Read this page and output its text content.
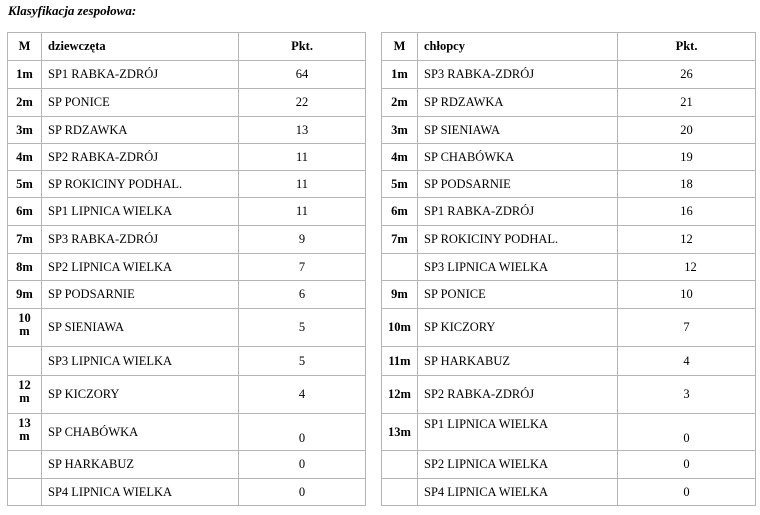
Klasyfikacja zespołowa:
M	dziewczęta	Pkt.
1m	SP1 RABKA-ZDRÓJ	64
2m	SP PONICE	22
3m	SP RDZAWKA	13
4m	SP2 RABKA-ZDRÓJ	11
5m	SP ROKICINY PODHAL.	11
6m	SP1 LIPNICA WIELKA	11
7m	SP3 RABKA-ZDRÓJ	9
8m	SP2 LIPNICA WIELKA	7
9m	SP PODSARNIE	6
10 m	SP SIENIAWA	5
	SP3 LIPNICA WIELKA	5
12 m	SP KICZORY	4
13 m	SP CHABÓWKA	0
	SP HARKABUZ	0
	SP4 LIPNICA WIELKA	0
M	chłopcy	Pkt.
1m	SP3 RABKA-ZDRÓJ	26
2m	SP RDZAWKA	21
3m	SP SIENIAWA	20
4m	SP CHABÓWKA	19
5m	SP PODSARNIE	18
6m	SP1 RABKA-ZDRÓJ	16
7m	SP ROKICINY PODHAL.	12
	SP3 LIPNICA WIELKA	12
9m	SP PONICE	10
10m	SP KICZORY	7
11m	SP HARKABUZ	4
12m	SP2 RABKA-ZDRÓJ	3
13m	SP1 LIPNICA WIELKA	0
	SP2 LIPNICA WIELKA	0
	SP4 LIPNICA WIELKA	0
